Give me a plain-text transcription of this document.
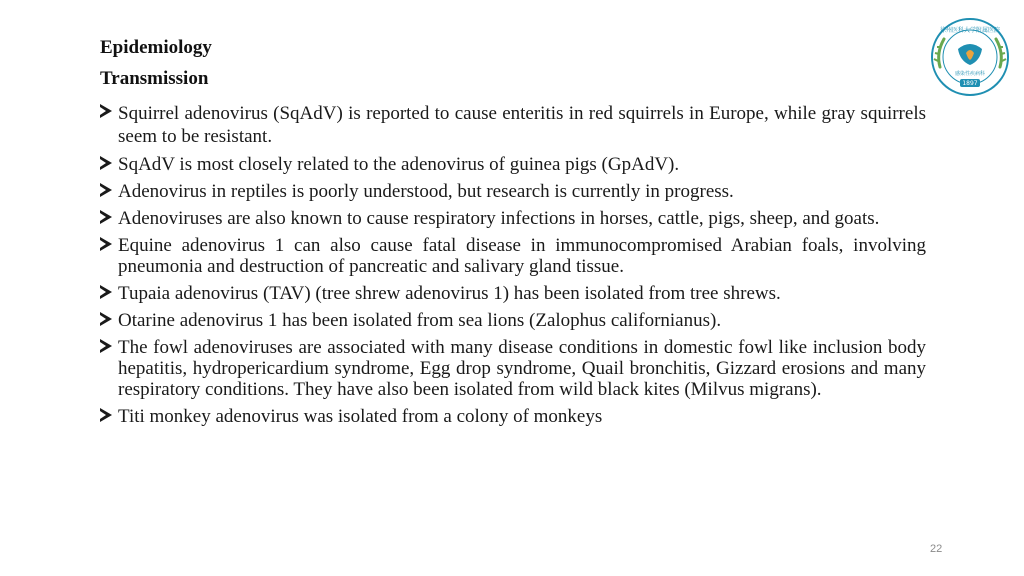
Epidemiology
Transmission
徐州医科大学附属医院
感染性疾病科
1897
Squirrel adenovirus (SqAdV) is reported to cause enteritis in red squirrels in Europe, while gray squirrels seem to be resistant.
SqAdV is most closely related to the adenovirus of guinea pigs (GpAdV).
Adenovirus in reptiles is poorly understood, but research is currently in progress.
Adenoviruses are also known to cause respiratory infections in horses, cattle, pigs, sheep, and goats.
Equine adenovirus 1 can also cause fatal disease in immunocompromised Arabian foals, involving pneumonia and destruction of pancreatic and salivary gland tissue.
Tupaia adenovirus (TAV) (tree shrew adenovirus 1) has been isolated from tree shrews.
Otarine adenovirus 1 has been isolated from sea lions (Zalophus californianus).
The fowl adenoviruses are associated with many disease conditions in domestic fowl like inclusion body hepatitis, hydropericardium syndrome, Egg drop syndrome, Quail bronchitis, Gizzard erosions and many respiratory conditions. They have also been isolated from wild black kites (Milvus migrans).
Titi monkey adenovirus was isolated from a colony of monkeys
22
